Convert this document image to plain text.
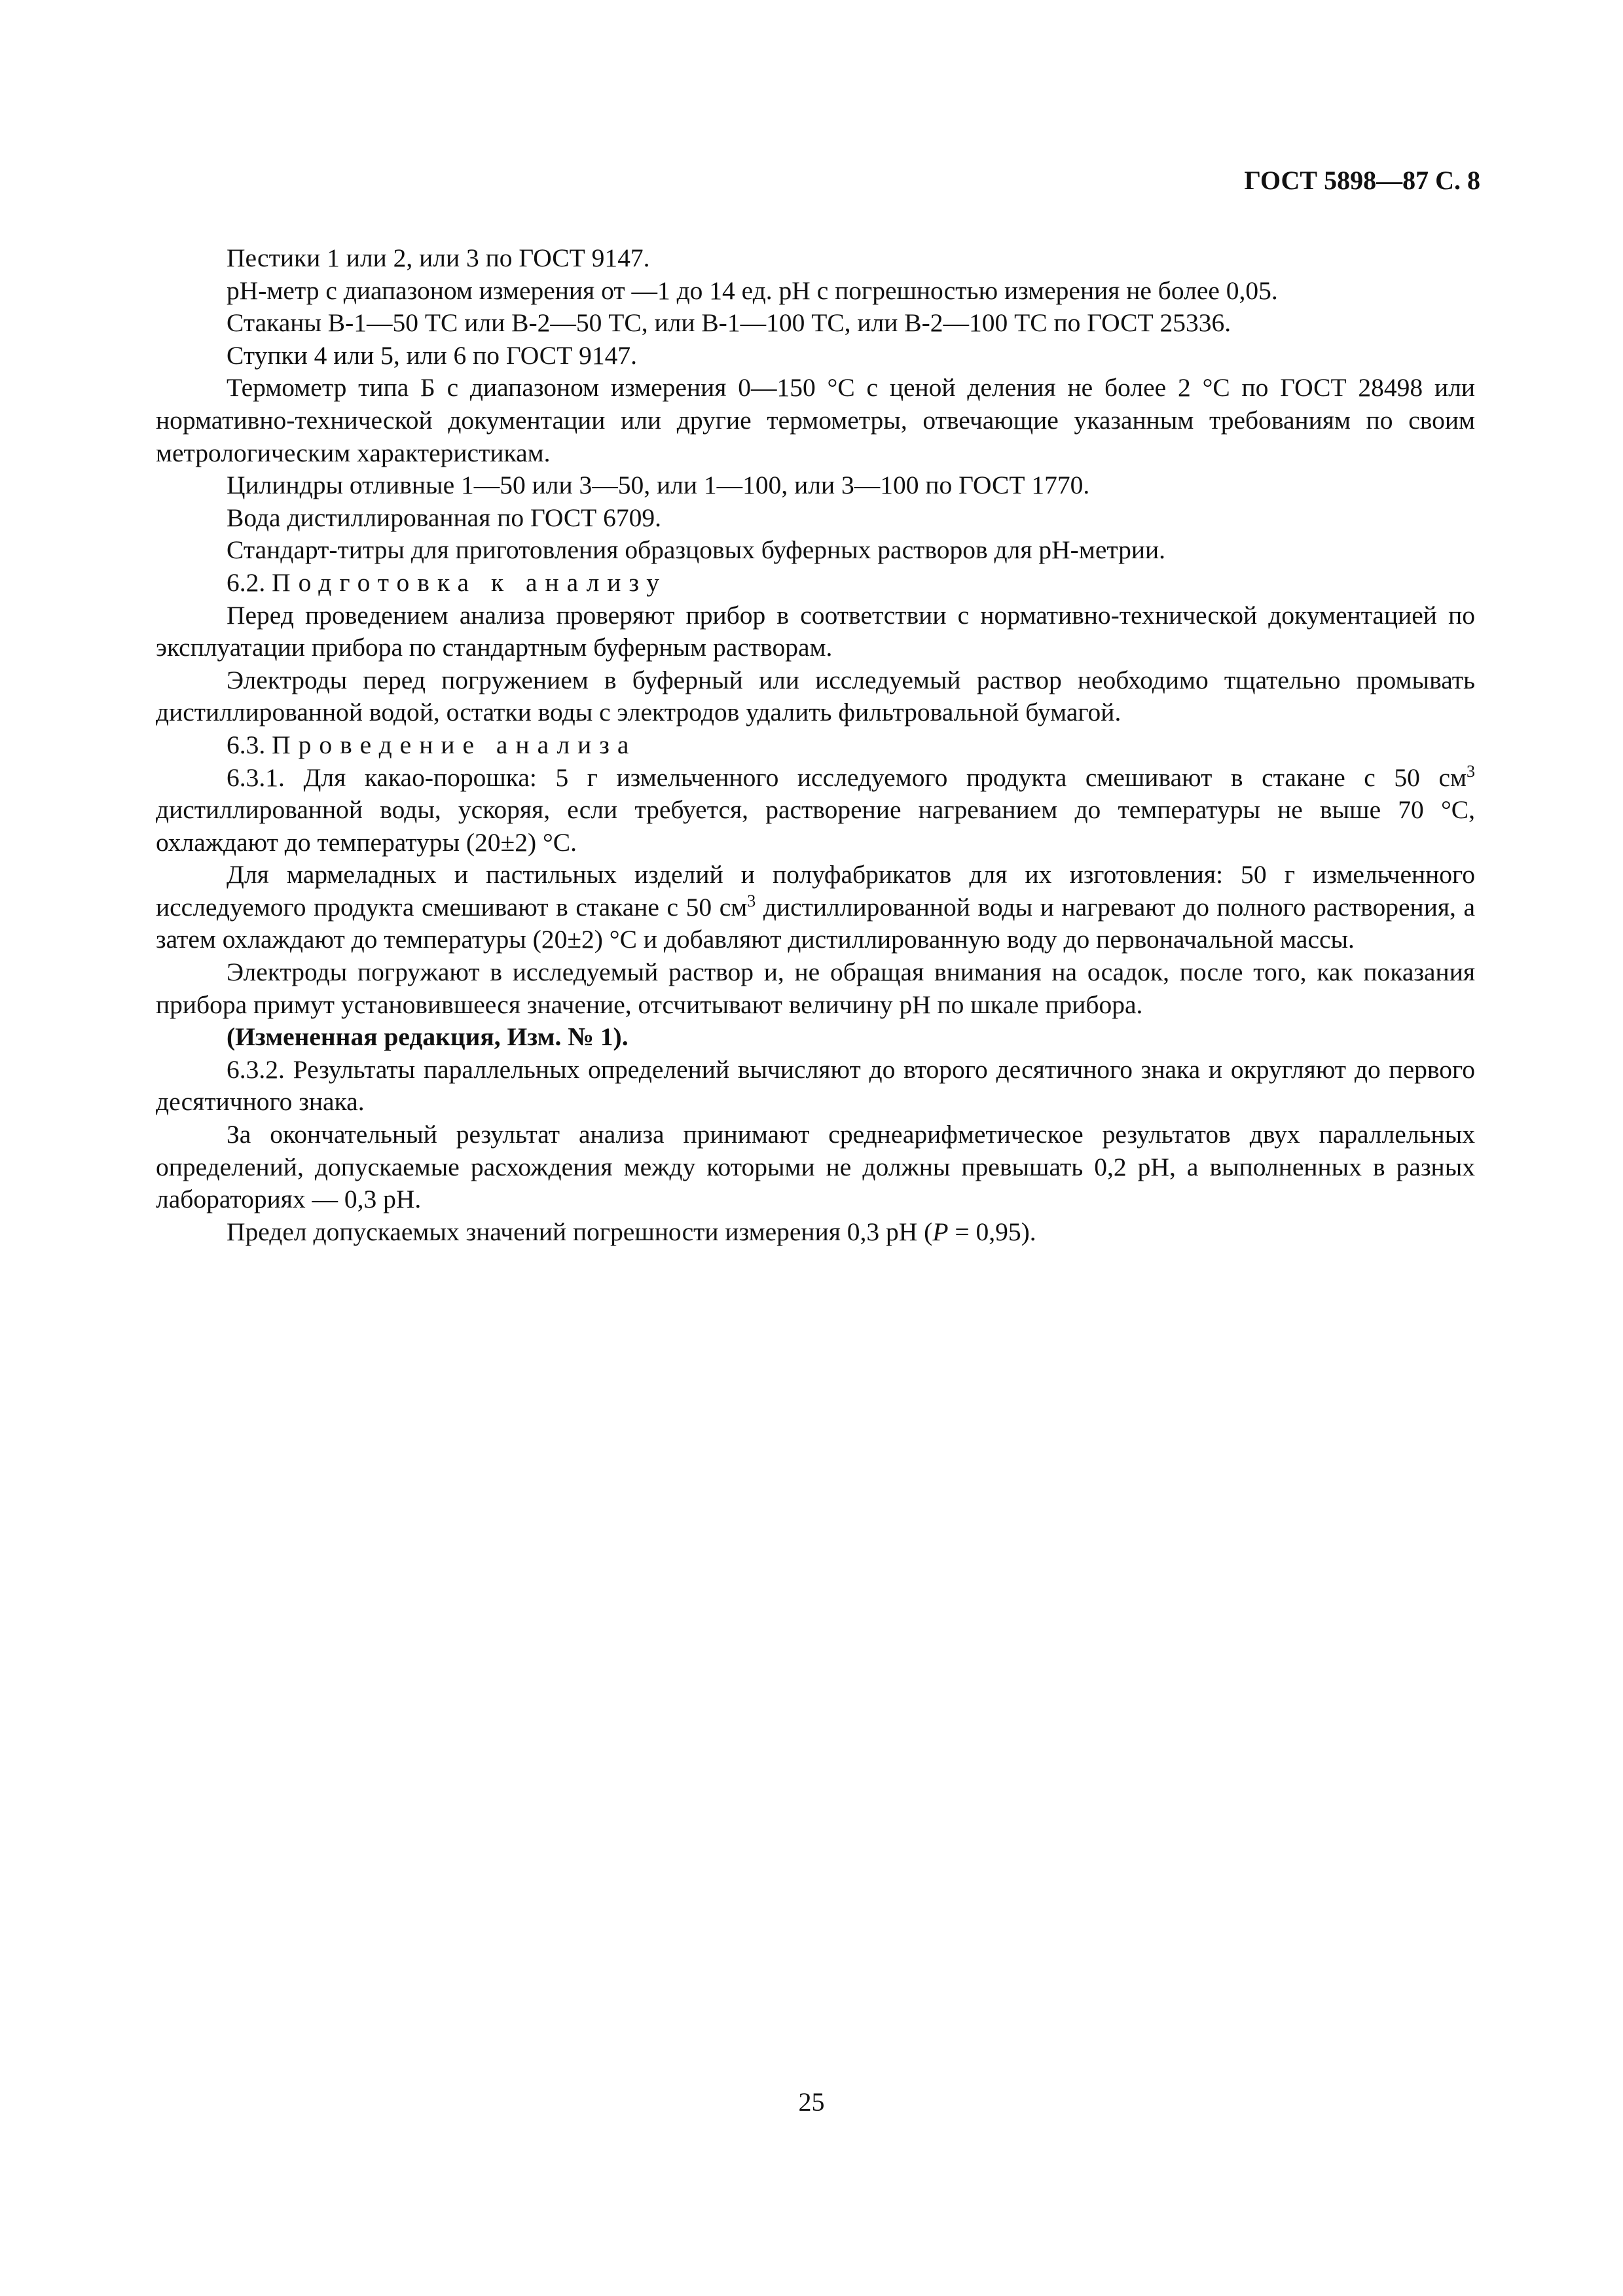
ГОСТ 5898—87 С. 8

Пестики 1 или 2, или 3 по ГОСТ 9147.

pH-метр с диапазоном измерения от —1 до 14 ед. pH с погрешностью измерения не более 0,05.

Стаканы В-1—50 ТС или В-2—50 ТС, или В-1—100 ТС, или В-2—100 ТС по ГОСТ 25336.

Ступки 4 или 5, или 6 по ГОСТ 9147.

Термометр типа Б с диапазоном измерения 0—150 °С с ценой деления не более 2 °С по ГОСТ 28498 или нормативно-технической документации или другие термометры, отвечающие указанным требованиям по своим метрологическим характеристикам.

Цилиндры отливные 1—50 или 3—50, или 1—100, или 3—100 по ГОСТ 1770.

Вода дистиллированная по ГОСТ 6709.

Стандарт-титры для приготовления образцовых буферных растворов для pH-метрии.

6.2. Подготовка к анализу

Перед проведением анализа проверяют прибор в соответствии с нормативно-технической документацией по эксплуатации прибора по стандартным буферным растворам.

Электроды перед погружением в буферный или исследуемый раствор необходимо тщательно промывать дистиллированной водой, остатки воды с электродов удалить фильтровальной бумагой.

6.3. Проведение анализа

6.3.1. Для какао-порошка: 5 г измельченного исследуемого продукта смешивают в стакане с 50 $см^3$ дистиллированной воды, ускоряя, если требуется, растворение нагреванием до температуры не выше 70 °С, охлаждают до температуры (20±2) °С.

Для мармеладных и пастильных изделий и полуфабрикатов для их изготовления: 50 г измельченного исследуемого продукта смешивают в стакане с 50 $см^3$ дистиллированной воды и нагревают до полного растворения, а затем охлаждают до температуры (20±2) °С и добавляют дистиллированную воду до первоначальной массы.

Электроды погружают в исследуемый раствор и, не обращая внимания на осадок, после того, как показания прибора примут установившееся значение, отсчитывают величину pH по шкале прибора.

(Измененная редакция, Изм. № 1).

6.3.2. Результаты параллельных определений вычисляют до второго десятичного знака и округляют до первого десятичного знака.

За окончательный результат анализа принимают среднеарифметическое результатов двух параллельных определений, допускаемые расхождения между которыми не должны превышать 0,2 pH, а выполненных в разных лабораториях — 0,3 pH.

Предел допускаемых значений погрешности измерения 0,3 pH (P = 0,95).

25
